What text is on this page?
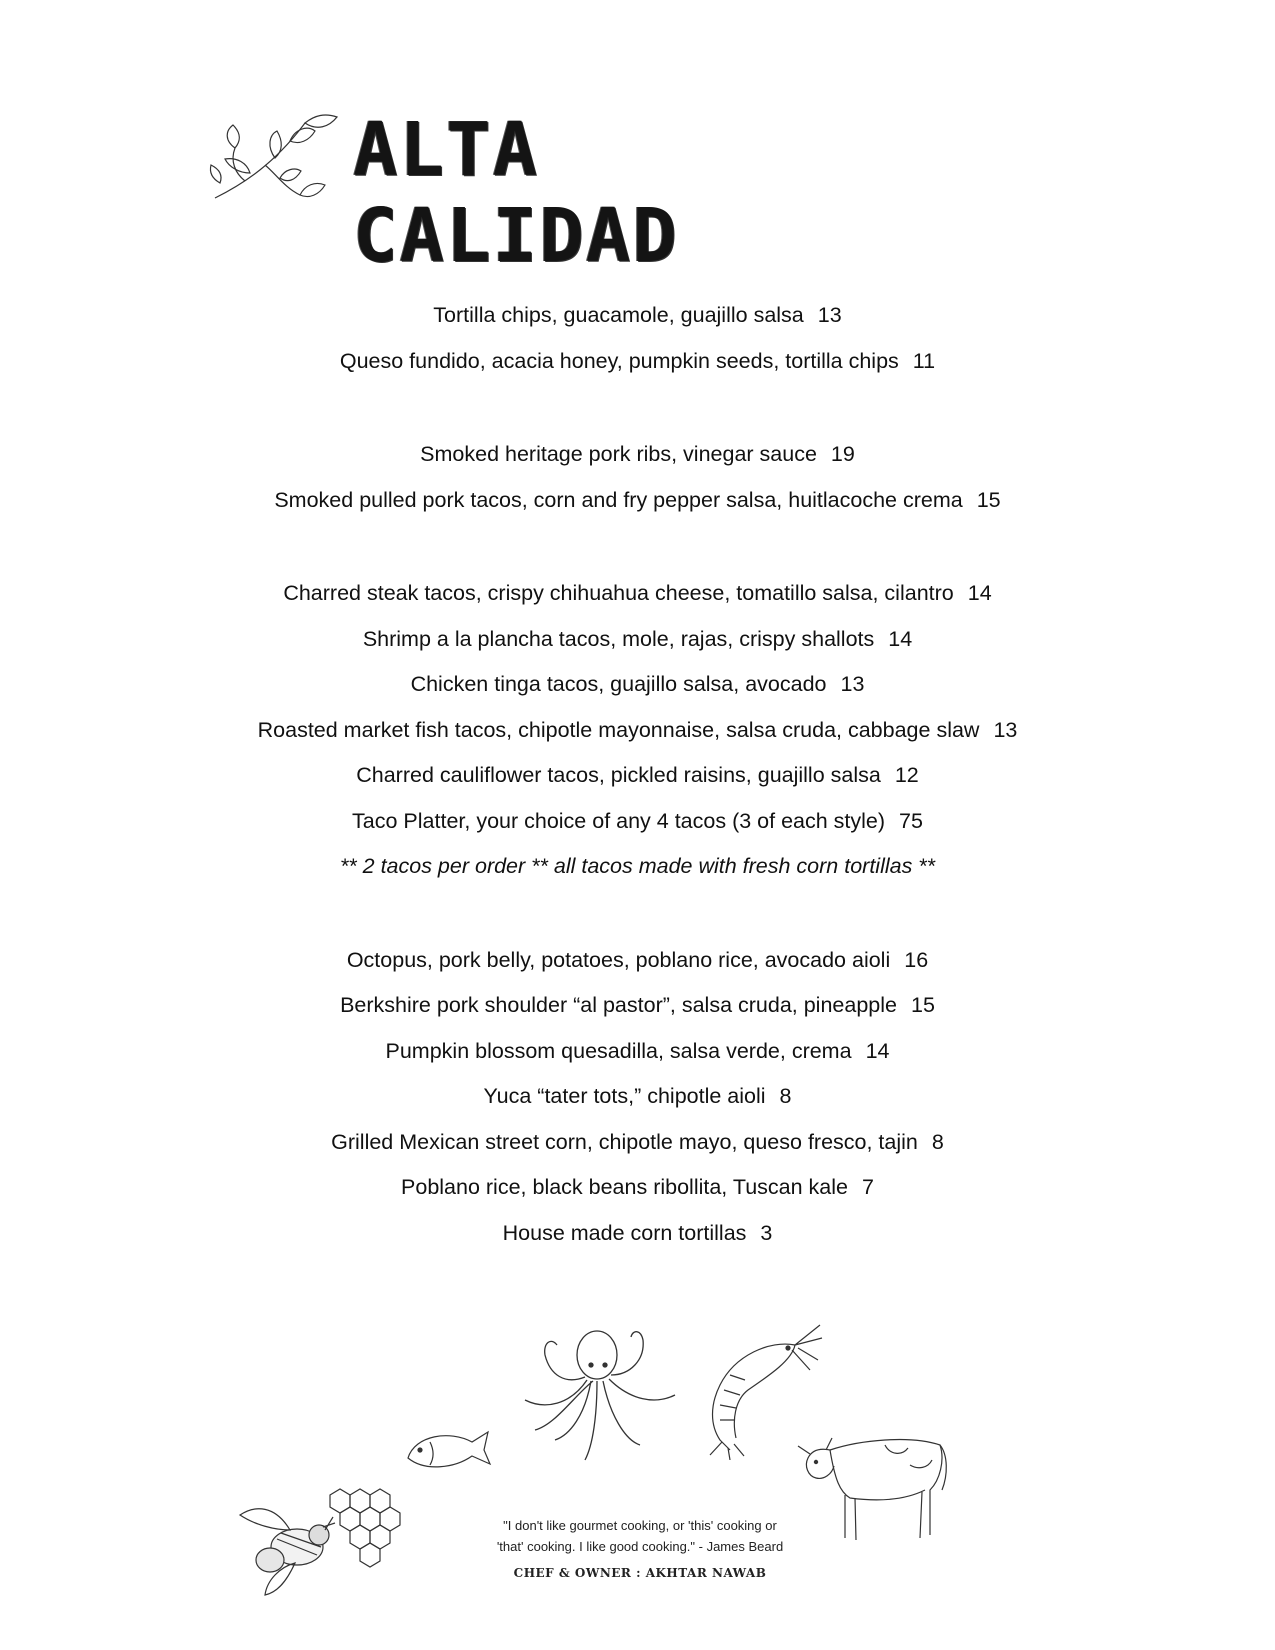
ALTA CALIDAD
Tortilla chips, guacamole, guajillo salsa 13
Queso fundido, acacia honey, pumpkin seeds, tortilla chips 11
Smoked heritage pork ribs, vinegar sauce 19
Smoked pulled pork tacos, corn and fry pepper salsa, huitlacoche crema 15
Charred steak tacos, crispy chihuahua cheese, tomatillo salsa, cilantro 14
Shrimp a la plancha tacos, mole, rajas, crispy shallots 14
Chicken tinga tacos, guajillo salsa, avocado 13
Roasted market fish tacos, chipotle mayonnaise, salsa cruda, cabbage slaw 13
Charred cauliflower tacos, pickled raisins, guajillo salsa 12
Taco Platter, your choice of any 4 tacos (3 of each style) 75
** 2 tacos per order ** all tacos made with fresh corn tortillas **
Octopus, pork belly, potatoes, poblano rice, avocado aioli 16
Berkshire pork shoulder “al pastor”, salsa cruda, pineapple 15
Pumpkin blossom quesadilla, salsa verde, crema 14
Yuca “tater tots,” chipotle aioli 8
Grilled Mexican street corn, chipotle mayo, queso fresco, tajin 8
Poblano rice, black beans ribollita, Tuscan kale 7
House made corn tortillas 3
"I don't like gourmet cooking, or 'this' cooking or
'that' cooking. I like good cooking." - James Beard
CHEF & OWNER : AKHTAR NAWAB
